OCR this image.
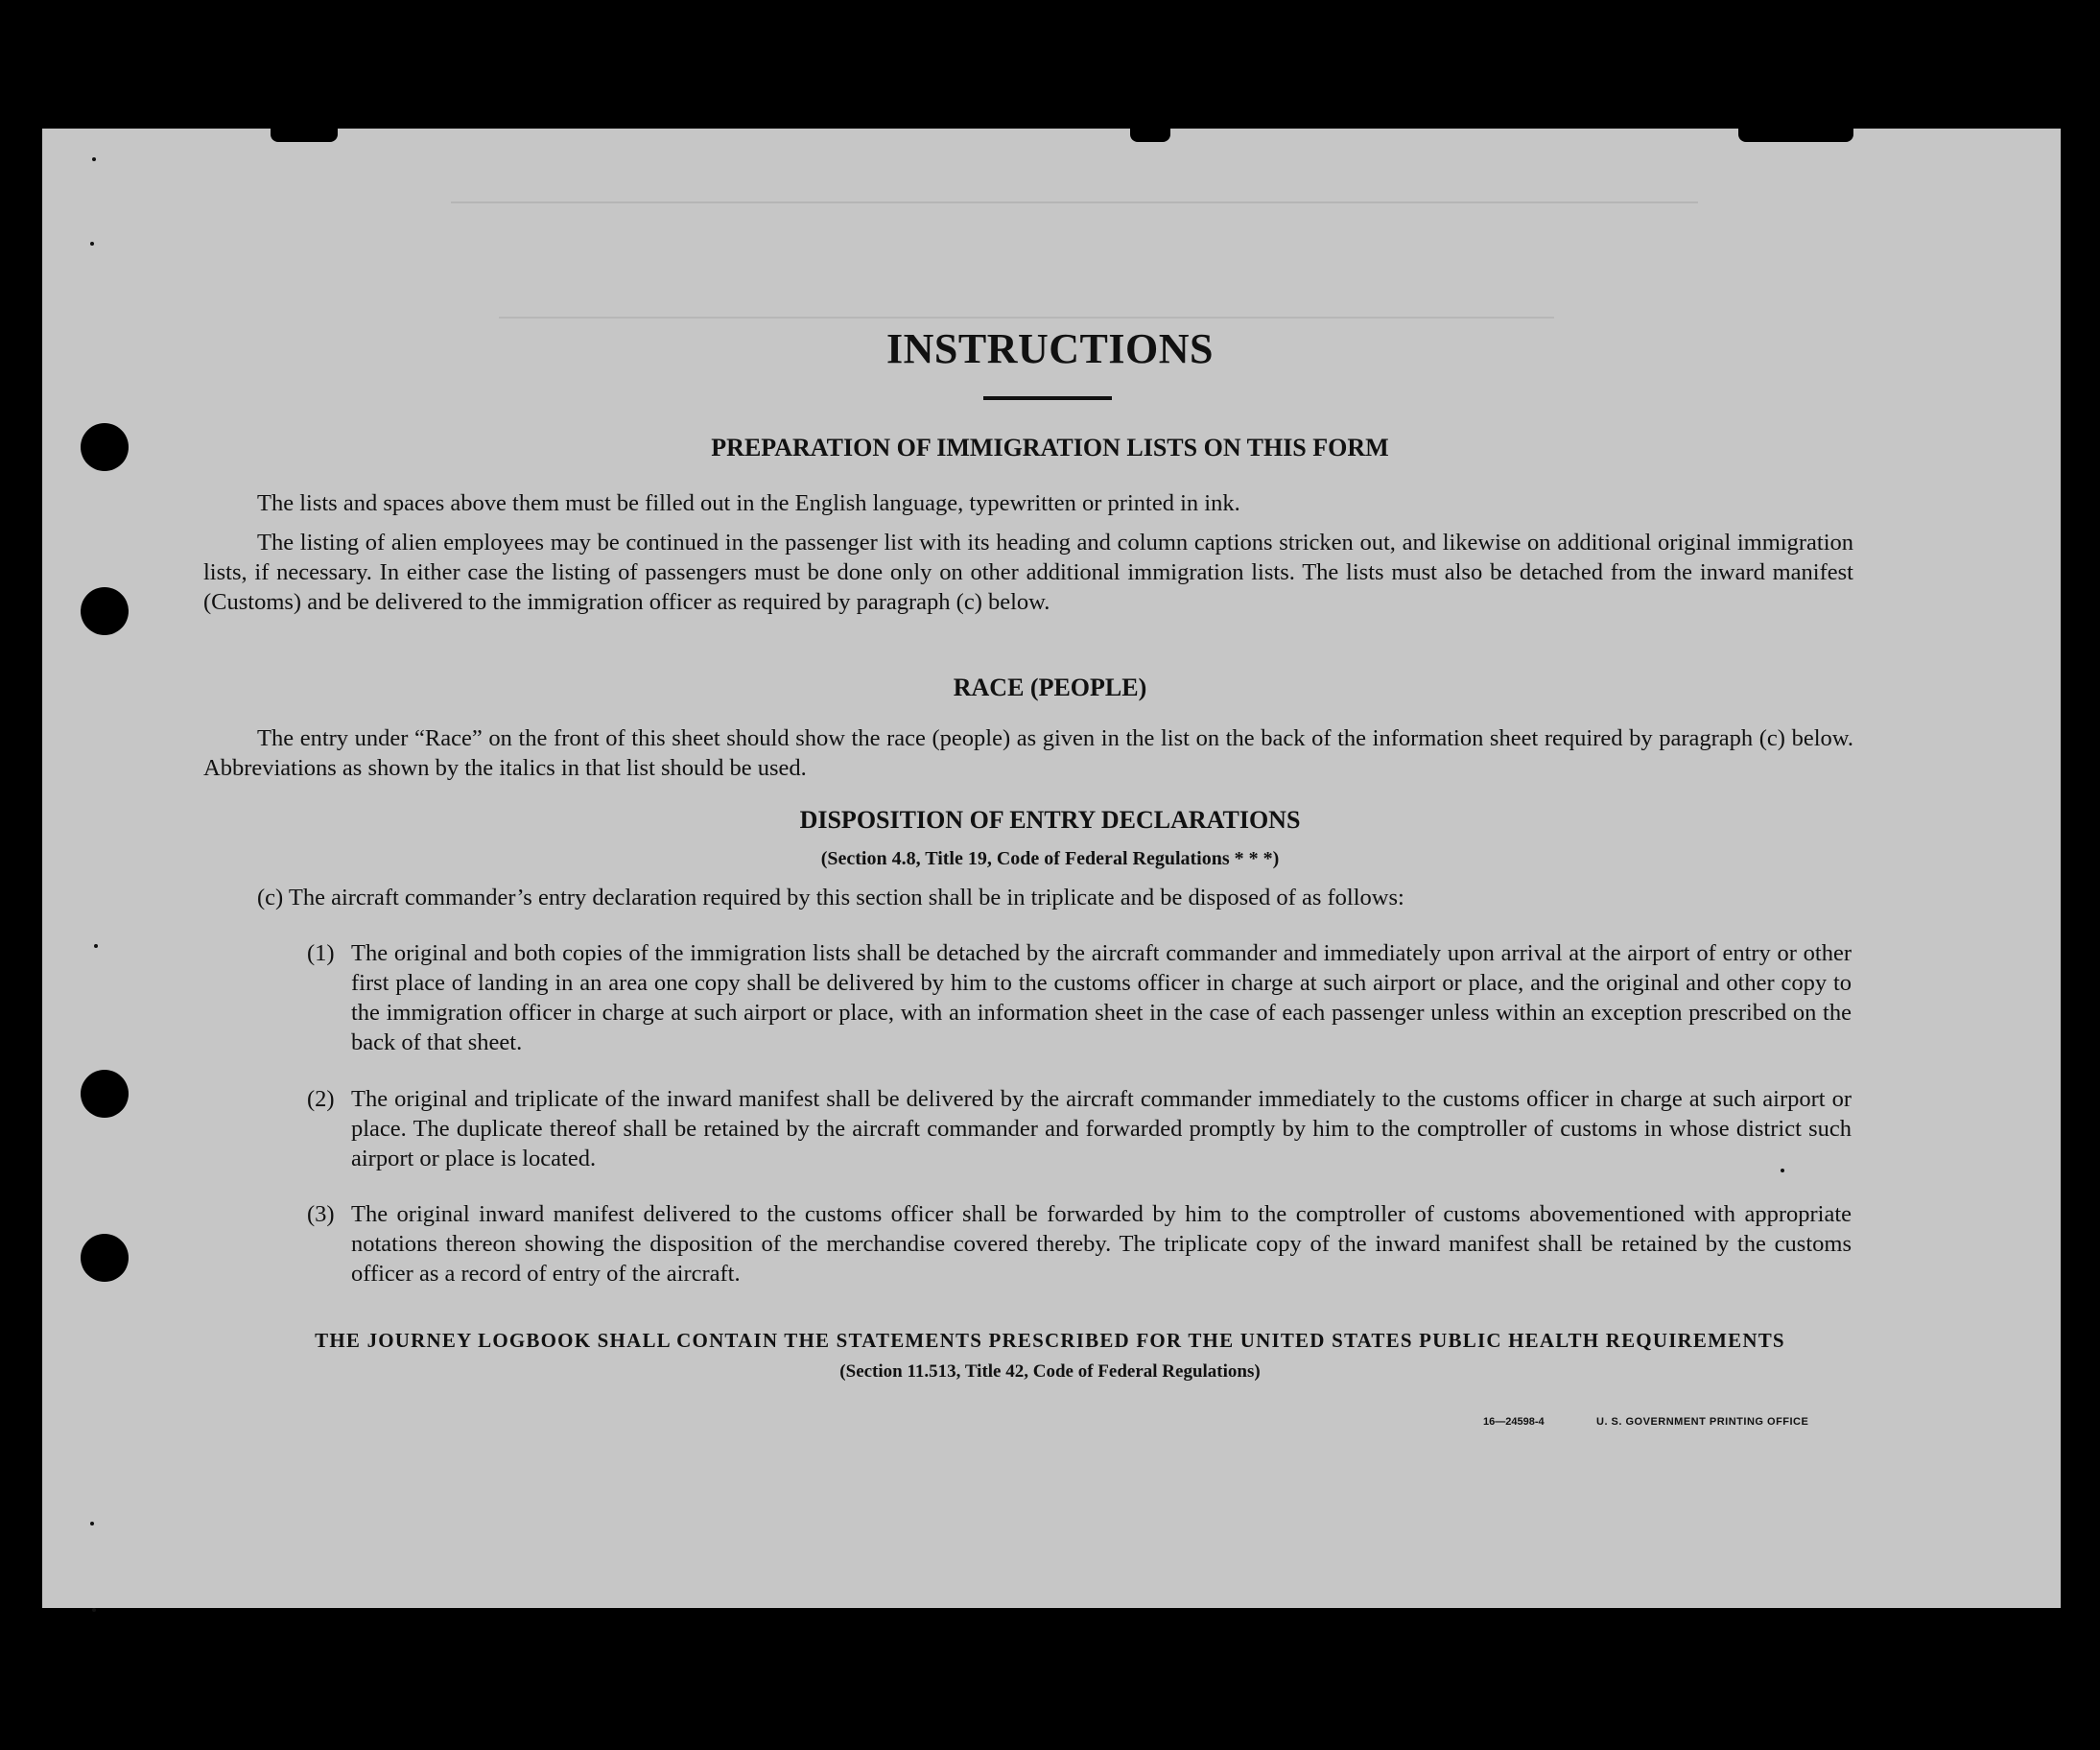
INSTRUCTIONS
PREPARATION OF IMMIGRATION LISTS ON THIS FORM
The lists and spaces above them must be filled out in the English language, typewritten or printed in ink.
The listing of alien employees may be continued in the passenger list with its heading and column captions stricken out, and likewise on additional original immigration lists, if necessary. In either case the listing of passengers must be done only on other additional immigration lists. The lists must also be detached from the inward manifest (Customs) and be delivered to the immigration officer as required by paragraph (c) below.
RACE (PEOPLE)
The entry under “Race” on the front of this sheet should show the race (people) as given in the list on the back of the information sheet required by paragraph (c) below. Abbreviations as shown by the italics in that list should be used.
DISPOSITION OF ENTRY DECLARATIONS
(Section 4.8, Title 19, Code of Federal Regulations * * *)
(c) The aircraft commander’s entry declaration required by this section shall be in triplicate and be disposed of as follows:
(1) The original and both copies of the immigration lists shall be detached by the aircraft commander and immediately upon arrival at the airport of entry or other first place of landing in an area one copy shall be delivered by him to the customs officer in charge at such airport or place, and the original and other copy to the immigration officer in charge at such airport or place, with an information sheet in the case of each passenger unless within an exception prescribed on the back of that sheet.
(2) The original and triplicate of the inward manifest shall be delivered by the aircraft commander immediately to the customs officer in charge at such airport or place. The duplicate thereof shall be retained by the aircraft commander and forwarded promptly by him to the comptroller of customs in whose district such airport or place is located.
(3) The original inward manifest delivered to the customs officer shall be forwarded by him to the comptroller of customs abovementioned with appropriate notations thereon showing the disposition of the merchandise covered thereby. The triplicate copy of the inward manifest shall be retained by the customs officer as a record of entry of the aircraft.
THE JOURNEY LOGBOOK SHALL CONTAIN THE STATEMENTS PRESCRIBED FOR THE UNITED STATES PUBLIC HEALTH REQUIREMENTS
(Section 11.513, Title 42, Code of Federal Regulations)
16—24598-4	U. S. GOVERNMENT PRINTING OFFICE
